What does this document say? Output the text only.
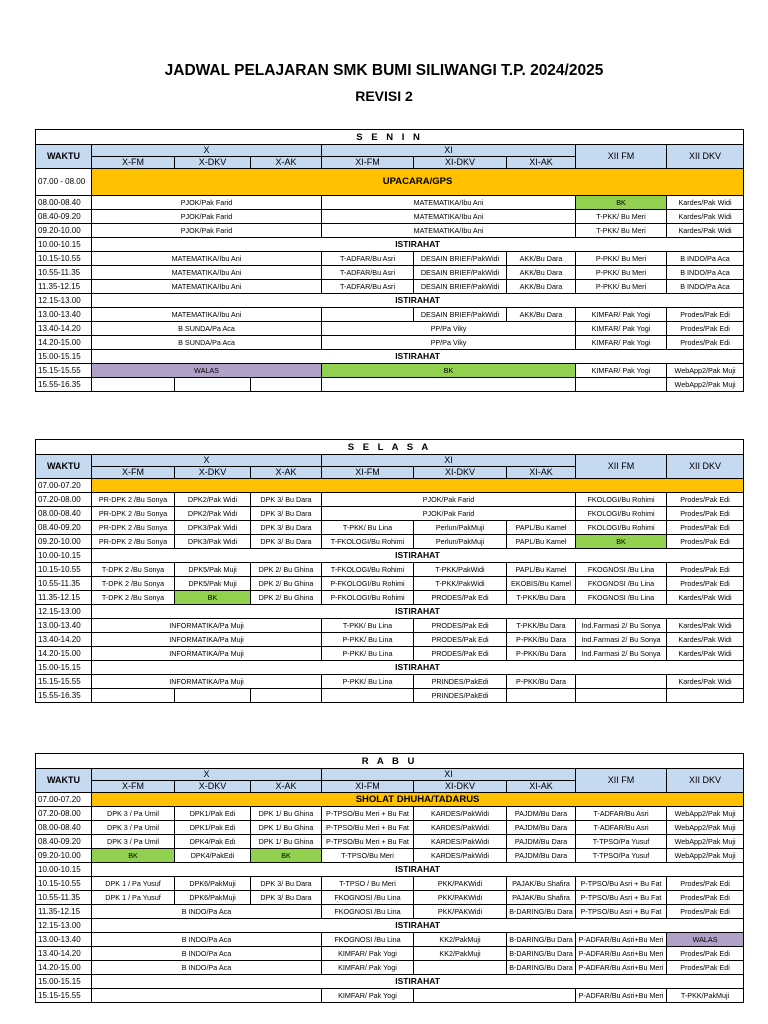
JADWAL PELAJARAN SMK BUMI SILIWANGI T.P. 2024/2025
REVISI 2
S E N I N								
WAKTU	X			XI			XII FM	XII DKV
	X-FM	X-DKV	X-AK	XI-FM	XI-DKV	XI-AK		
07.00 - 08.00	UPACARA/GPS							
08.00-08.40	PJOK/Pak Farid			MATEMATIKA/Ibu Ani			BK	Kardes/Pak Widi
08.40-09.20	PJOK/Pak Farid			MATEMATIKA/Ibu Ani			T-PKK/ Bu Meri	Kardes/Pak Widi
09.20-10.00	PJOK/Pak Farid			MATEMATIKA/Ibu Ani			T-PKK/ Bu Meri	Kardes/Pak Widi
10.00-10.15	ISTIRAHAT							
10.15-10.55	MATEMATIKA/Ibu Ani			T-ADFAR/Bu Asri	DESAIN BRIEF/PakWidi	AKK/Bu Dara	P-PKK/ Bu Meri	B INDO/Pa Aca
10.55-11.35	MATEMATIKA/Ibu Ani			T-ADFAR/Bu Asri	DESAIN BRIEF/PakWidi	AKK/Bu Dara	P-PKK/ Bu Meri	B INDO/Pa Aca
11.35-12.15	MATEMATIKA/Ibu Ani			T-ADFAR/Bu Asri	DESAIN BRIEF/PakWidi	AKK/Bu Dara	P-PKK/ Bu Meri	B INDO/Pa Aca
12.15-13.00	ISTIRAHAT							
13.00-13.40	MATEMATIKA/Ibu Ani				DESAIN BRIEF/PakWidi	AKK/Bu Dara	KIMFAR/ Pak Yogi	Prodes/Pak Edi
13.40-14.20	B SUNDA/Pa Aca			PP/Pa Viky			KIMFAR/ Pak Yogi	Prodes/Pak Edi
14.20-15.00	B SUNDA/Pa Aca			PP/Pa Viky			KIMFAR/ Pak Yogi	Prodes/Pak Edi
15.00-15.15	ISTIRAHAT							
15.15-15.55	WALAS			BK			KIMFAR/ Pak Yogi	WebApp2/Pak Muji
15.55-16.35								WebApp2/Pak Muji
S E L A S A								
WAKTU	X			XI			XII FM	XII DKV
	X-FM	X-DKV	X-AK	XI-FM	XI-DKV	XI-AK		
07.00-07.20								
07.20-08.00	PR-DPK 2 /Bu Sonya	DPK2/Pak Widi	DPK 3/ Bu Dara	PJOK/Pak Farid			FKOLOGI/Bu Rohimi	Prodes/Pak Edi
08.00-08.40	PR-DPK 2 /Bu Sonya	DPK2/Pak Widi	DPK 3/ Bu Dara	PJOK/Pak Farid			FKOLOGI/Bu Rohimi	Prodes/Pak Edi
08.40-09.20	PR-DPK 2 /Bu Sonya	DPK3/Pak Widi	DPK 3/ Bu Dara	T-PKK/ Bu Lina	Perlun/PakMuji	PAPL/Bu Kamel	FKOLOGI/Bu Rohimi	Prodes/Pak Edi
09.20-10.00	PR-DPK 2 /Bu Sonya	DPK3/Pak Widi	DPK 3/ Bu Dara	T-FKOLOGI/Bu Rohimi	Perlun/PakMuji	PAPL/Bu Kamel	BK	Prodes/Pak Edi
10.00-10.15	ISTIRAHAT							
10.15-10.55	T-DPK 2 /Bu Sonya	DPK5/Pak Muji	DPK 2/ Bu Ghina	T-FKOLOGI/Bu Rohimi	T-PKK/PakWidi	PAPL/Bu Kamel	FKOGNOSI /Bu Lina	Prodes/Pak Edi
10.55-11.35	T-DPK 2 /Bu Sonya	DPK5/Pak Muji	DPK 2/ Bu Ghina	P-FKOLOGI/Bu Rohimi	T-PKK/PakWidi	EKOBIS/Bu Kamel	FKOGNOSI /Bu Lina	Prodes/Pak Edi
11.35-12.15	T-DPK 2 /Bu Sonya	BK	DPK 2/ Bu Ghina	P-FKOLOGI/Bu Rohimi	PRODES/Pak Edi	T-PKK/Bu Dara	FKOGNOSI /Bu Lina	Kardes/Pak Widi
12.15-13.00	ISTIRAHAT							
13.00-13.40	INFORMATIKA/Pa Muji			T-PKK/ Bu Lina	PRODES/Pak Edi	T-PKK/Bu Dara	Ind.Farmasi 2/ Bu Sonya	Kardes/Pak Widi
13.40-14.20	INFORMATIKA/Pa Muji			P-PKK/ Bu Lina	PRODES/Pak Edi	P-PKK/Bu Dara	Ind.Farmasi 2/ Bu Sonya	Kardes/Pak Widi
14.20-15.00	INFORMATIKA/Pa Muji			P-PKK/ Bu Lina	PRODES/Pak Edi	P-PKK/Bu Dara	Ind.Farmasi 2/ Bu Sonya	Kardes/Pak Widi
15.00-15.15	ISTIRAHAT							
15.15-15.55	INFORMATIKA/Pa Muji			P-PKK/ Bu Lina	PRINDES/PakEdi	P-PKK/Bu Dara		Kardes/Pak Widi
15.55-16.35					PRINDES/PakEdi			
R A B U								
WAKTU	X			XI			XII FM	XII DKV
	X-FM	X-DKV	X-AK	XI-FM	XI-DKV	XI-AK		
07.00-07.20	SHOLAT DHUHA/TADARUS							
07.20-08.00	DPK 3 / Pa Umil	DPK1/Pak Edi	DPK 1/ Bu Ghina	P-TPSO/Bu Meri + Bu Fat	KARDES/PakWidi	PAJDM/Bu Dara	T-ADFAR/Bu Asri	WebApp2/Pak Muji
08.00-08.40	DPK 3 / Pa Umil	DPK1/Pak Edi	DPK 1/ Bu Ghina	P-TPSO/Bu Meri + Bu Fat	KARDES/PakWidi	PAJDM/Bu Dara	T-ADFAR/Bu Asri	WebApp2/Pak Muji
08.40-09.20	DPK 3 / Pa Umil	DPK4/Pak Edi	DPK 1/ Bu Ghina	P-TPSO/Bu Meri + Bu Fat	KARDES/PakWidi	PAJDM/Bu Dara	T-TPSO/Pa Yusuf	WebApp2/Pak Muji
09.20-10.00	BK	DPK4/PakEdi	BK	T-TPSO/Bu Meri	KARDES/PakWidi	PAJDM/Bu Dara	T-TPSO/Pa Yusuf	WebApp2/Pak Muji
10.00-10.15	ISTIRAHAT							
10.15-10.55	DPK 1 / Pa Yusuf	DPK6/PakMuji	DPK 3/ Bu Dara	T-TPSO / Bu Meri	PKK/PAKWidi	PAJAK/Bu Shafira	P-TPSO/Bu Asri + Bu Fat	Prodes/Pak Edi
10.55-11.35	DPK 1 / Pa Yusuf	DPK6/PakMuji	DPK 3/ Bu Dara	FKOGNOSI /Bu Lina	PKK/PAKWidi	PAJAK/Bu Shafira	P-TPSO/Bu Asri + Bu Fat	Prodes/Pak Edi
11.35-12.15	B INDO/Pa Aca			FKOGNOSI /Bu Lina	PKK/PAKWidi	B-DARING/Bu Dara	P-TPSO/Bu Asri + Bu Fat	Prodes/Pak Edi
12.15-13.00	ISTIRAHAT							
13.00-13.40	B INDO/Pa Aca			FKOGNOSI /Bu Lina	KK2/PakMuji	B-DARING/Bu Dara	P-ADFAR/Bu Asri+Bu Meri	WALAS
13.40-14.20	B INDO/Pa Aca			KIMFAR/ Pak Yogi	KK2/PakMuji	B-DARING/Bu Dara	P-ADFAR/Bu Asri+Bu Meri	Prodes/Pak Edi
14.20-15.00	B INDO/Pa Aca			KIMFAR/ Pak Yogi		B-DARING/Bu Dara	P-ADFAR/Bu Asri+Bu Meri	Prodes/Pak Edi
15.00-15.15	ISTIRAHAT							
15.15-15.55				KIMFAR/ Pak Yogi			P-ADFAR/Bu Asri+Bu Meri	T-PKK/PakMuji
